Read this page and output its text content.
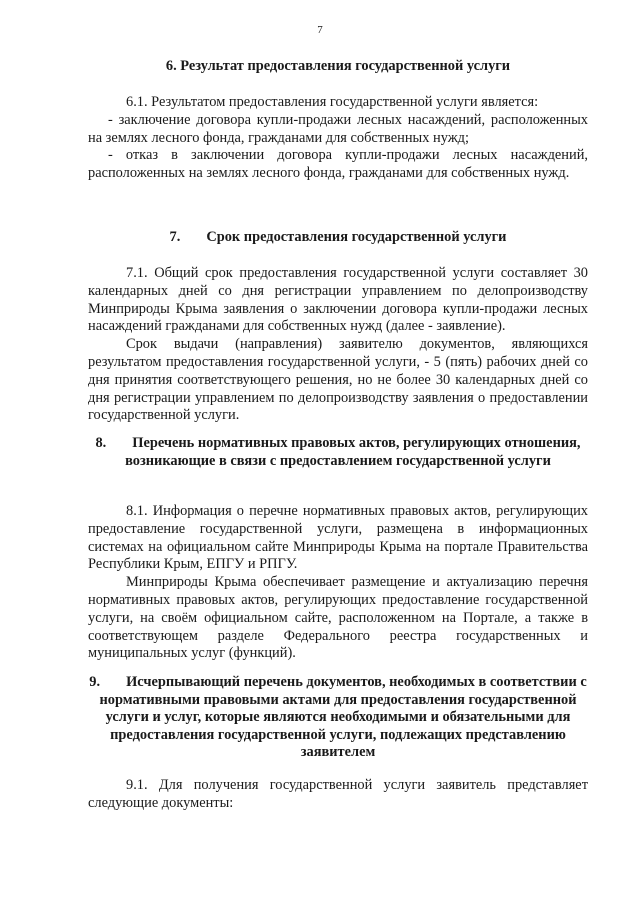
7
6. Результат предоставления государственной услуги

6.1. Результатом предоставления государственной услуги является:

- заключение договора купли-продажи лесных насаждений, расположенных на землях лесного фонда, гражданами для собственных нужд;

- отказ в заключении договора купли-продажи лесных насаждений, расположенных на землях лесного фонда, гражданами для собственных нужд.

7. Срок предоставления государственной услуги

7.1. Общий срок предоставления государственной услуги составляет 30 календарных дней со дня регистрации управлением по делопроизводству Минприроды Крыма заявления о заключении договора купли-продажи лесных насаждений гражданами для собственных нужд (далее - заявление).

Срок выдачи (направления) заявителю документов, являющихся результатом предоставления государственной услуги, - 5 (пять) рабочих дней со дня принятия соответствующего решения, но не более 30 календарных дней со дня регистрации управлением по делопроизводству заявления о предоставлении государственной услуги.

8. Перечень нормативных правовых актов, регулирующих отношения, возникающие в связи с предоставлением государственной услуги

8.1. Информация о перечне нормативных правовых актов, регулирующих предоставление государственной услуги, размещена в информационных системах на официальном сайте Минприроды Крыма на портале Правительства Республики Крым, ЕПГУ и РПГУ.

Минприроды Крыма обеспечивает размещение и актуализацию перечня нормативных правовых актов, регулирующих предоставление государственной услуги, на своём официальном сайте, расположенном на Портале, а также в соответствующем разделе Федерального реестра государственных и муниципальных услуг (функций).

9. Исчерпывающий перечень документов, необходимых в соответствии с нормативными правовыми актами для предоставления государственной услуги и услуг, которые являются необходимыми и обязательными для предоставления государственной услуги, подлежащих представлению заявителем

9.1. Для получения государственной услуги заявитель представляет следующие документы:
